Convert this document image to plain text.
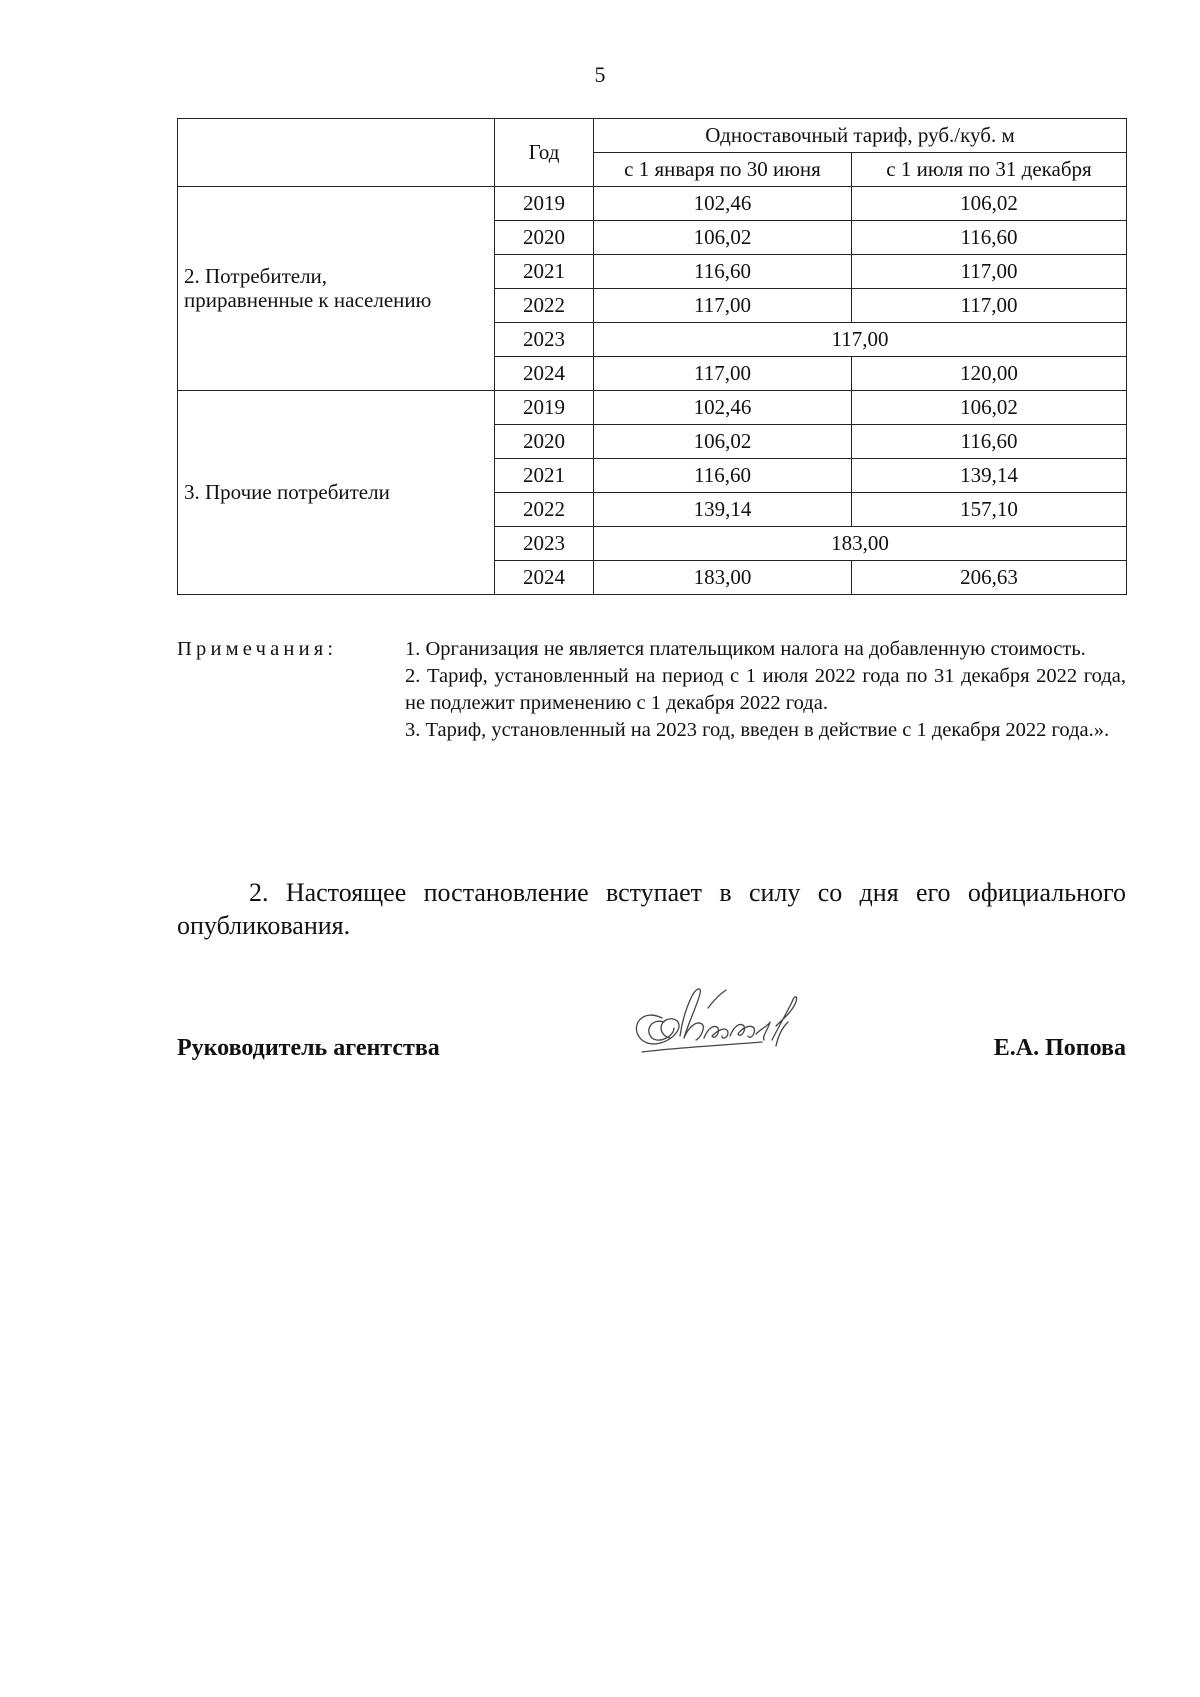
5
	Год	Одноставочный тариф, руб./куб. м	
		с 1 января по 30 июня	с 1 июля по 31 декабря
2. Потребители,
приравненные к населению	2019	102,46	106,02
	2020	106,02	116,60
	2021	116,60	117,00
	2022	117,00	117,00
	2023	117,00	
	2024	117,00	120,00
3. Прочие потребители	2019	102,46	106,02
	2020	106,02	116,60
	2021	116,60	139,14
	2022	139,14	157,10
	2023	183,00	
	2024	183,00	206,63
Примечания:	1. Организация не является плательщиком налога на добавленную стоимость.
2. Тариф, установленный на период с 1 июля 2022 года по 31 декабря 2022 года, не подлежит применению с 1 декабря 2022 года.
3. Тариф, установленный на 2023 год, введен в действие с 1 декабря 2022 года.».
2. Настоящее постановление вступает в силу со дня его официального опубликования.
Руководитель агентства	Е.А. Попова
